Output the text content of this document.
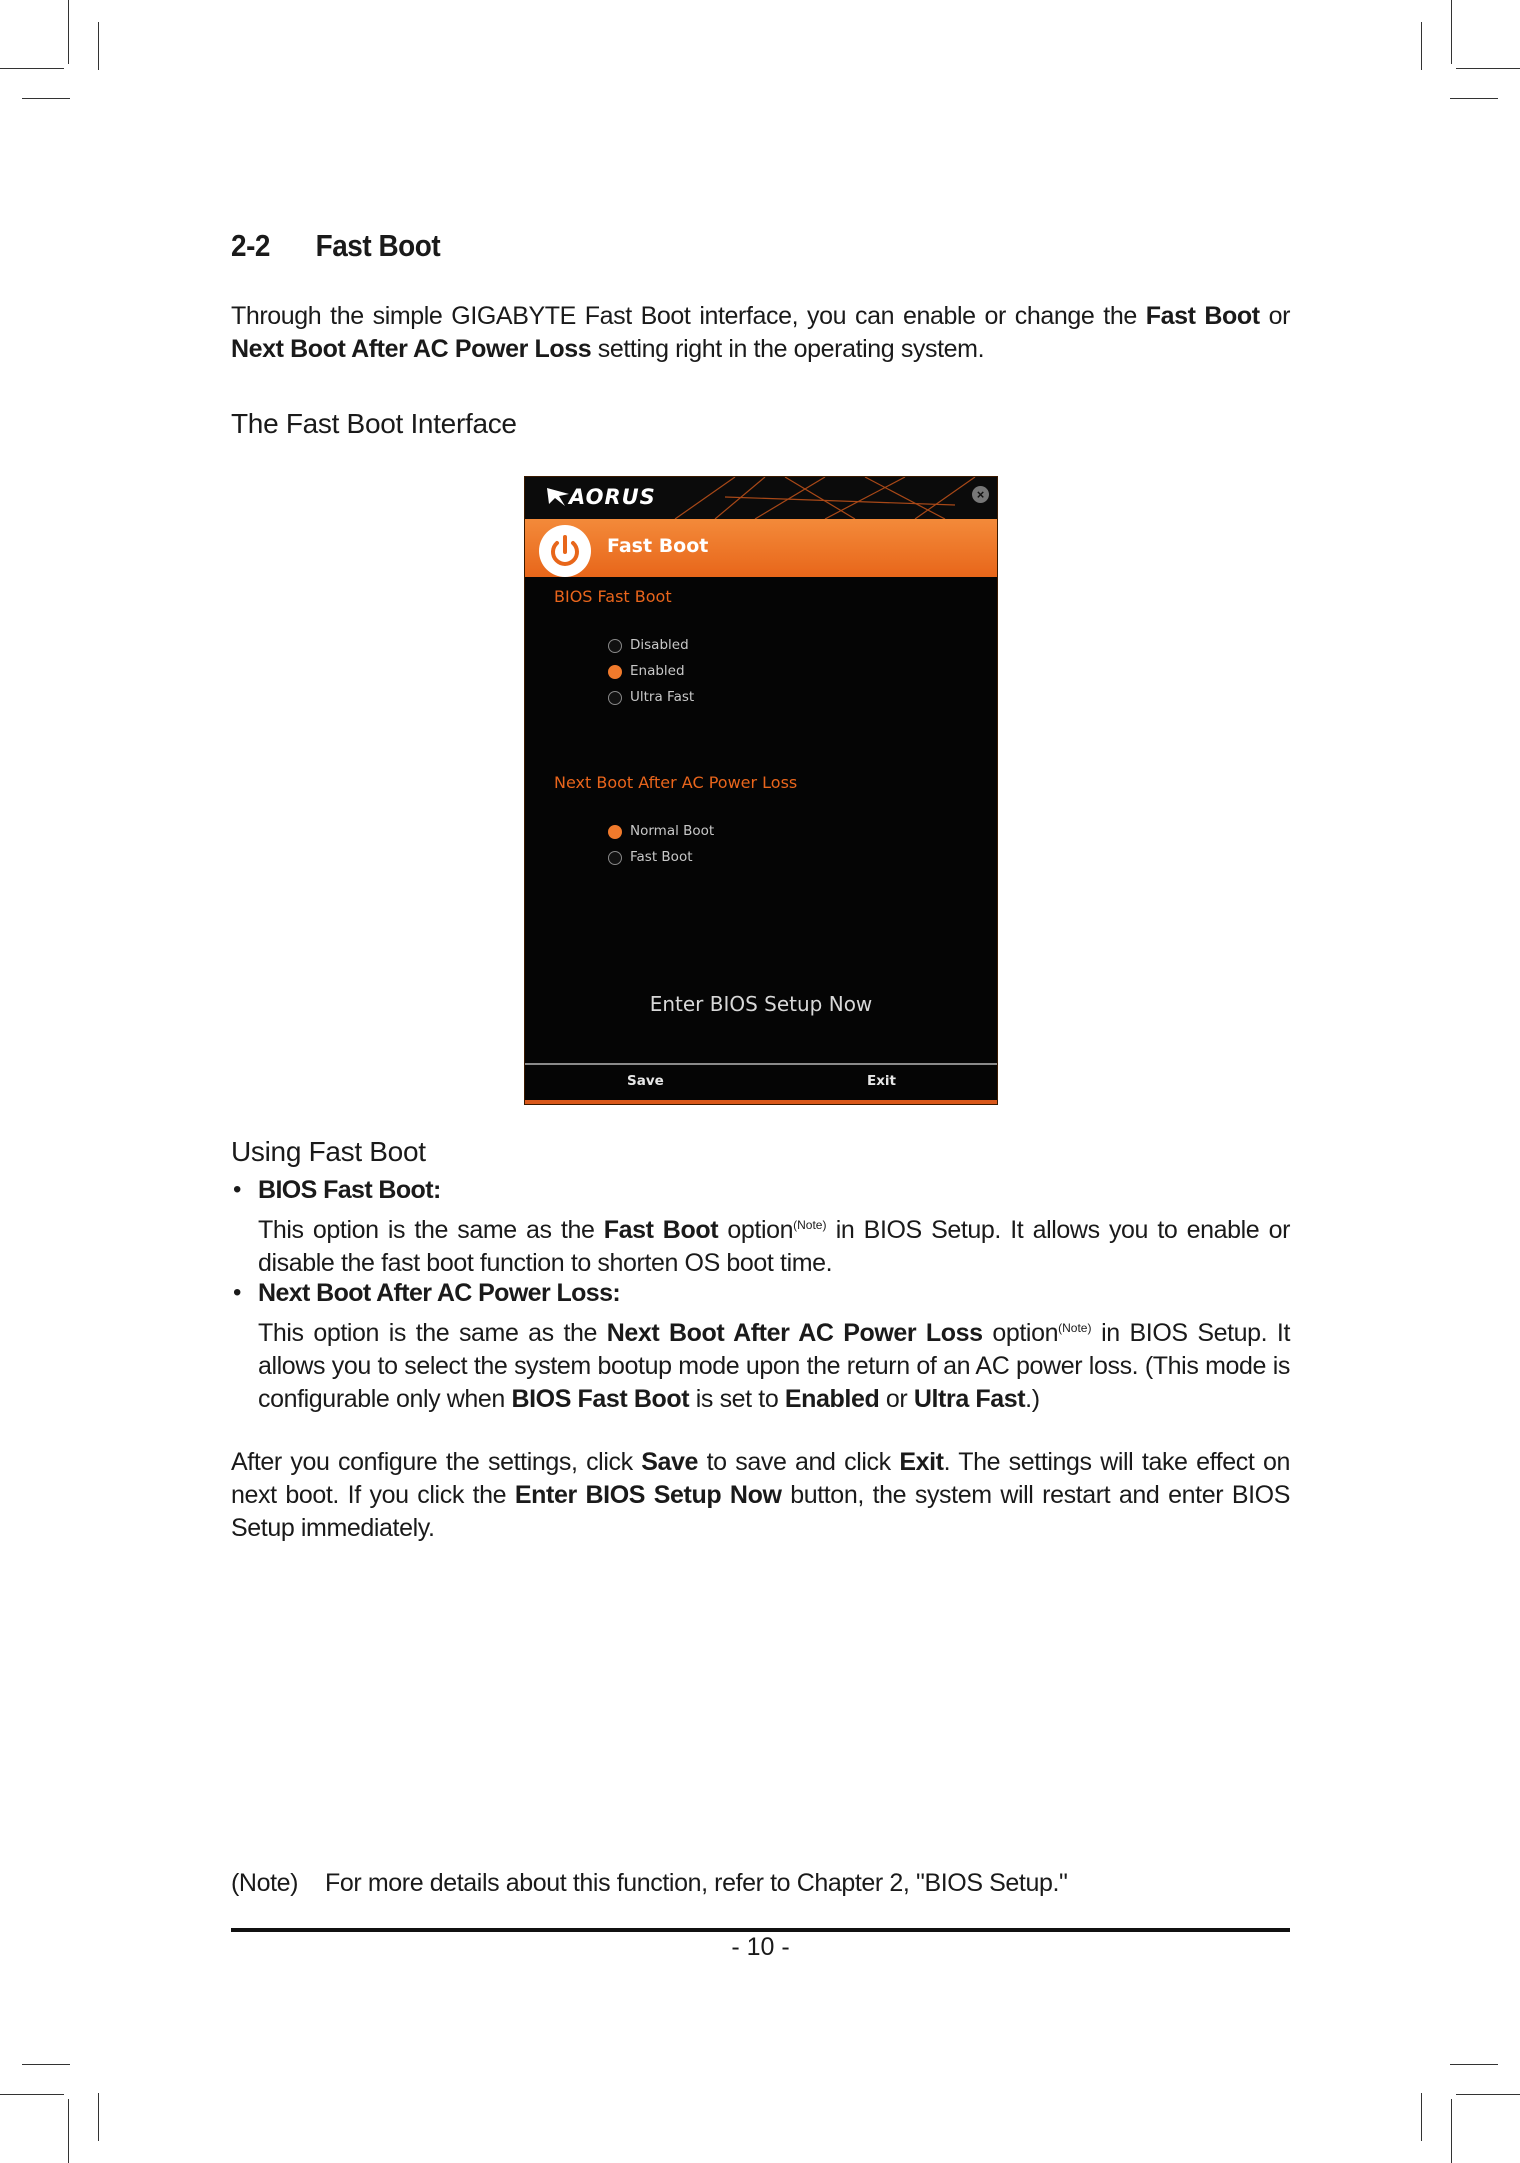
2-2 Fast Boot
Through the simple GIGABYTE Fast Boot interface, you can enable or change the Fast Boot or Next Boot After AC Power Loss setting right in the operating system.
The Fast Boot Interface
Using Fast Boot
• BIOS Fast Boot:
This option is the same as the Fast Boot option$^{(Note)}$ in BIOS Setup. It allows you to enable or disable the fast boot function to shorten OS boot time.
• Next Boot After AC Power Loss:
This option is the same as the Next Boot After AC Power Loss option$^{(Note)}$ in BIOS Setup. It allows you to select the system bootup mode upon the return of an AC power loss. (This mode is configurable only when BIOS Fast Boot is set to Enabled or Ultra Fast.)
After you configure the settings, click Save to save and click Exit. The settings will take effect on next boot. If you click the Enter BIOS Setup Now button, the system will restart and enter BIOS Setup immediately.
(Note) For more details about this function, refer to Chapter 2, "BIOS Setup."
- 10 -
AORUS	×
Fast Boot
BIOS Fast Boot
Disabled
Enabled
Ultra Fast
Next Boot After AC Power Loss
Normal Boot
Fast Boot
Enter BIOS Setup Now
Save	Exit
